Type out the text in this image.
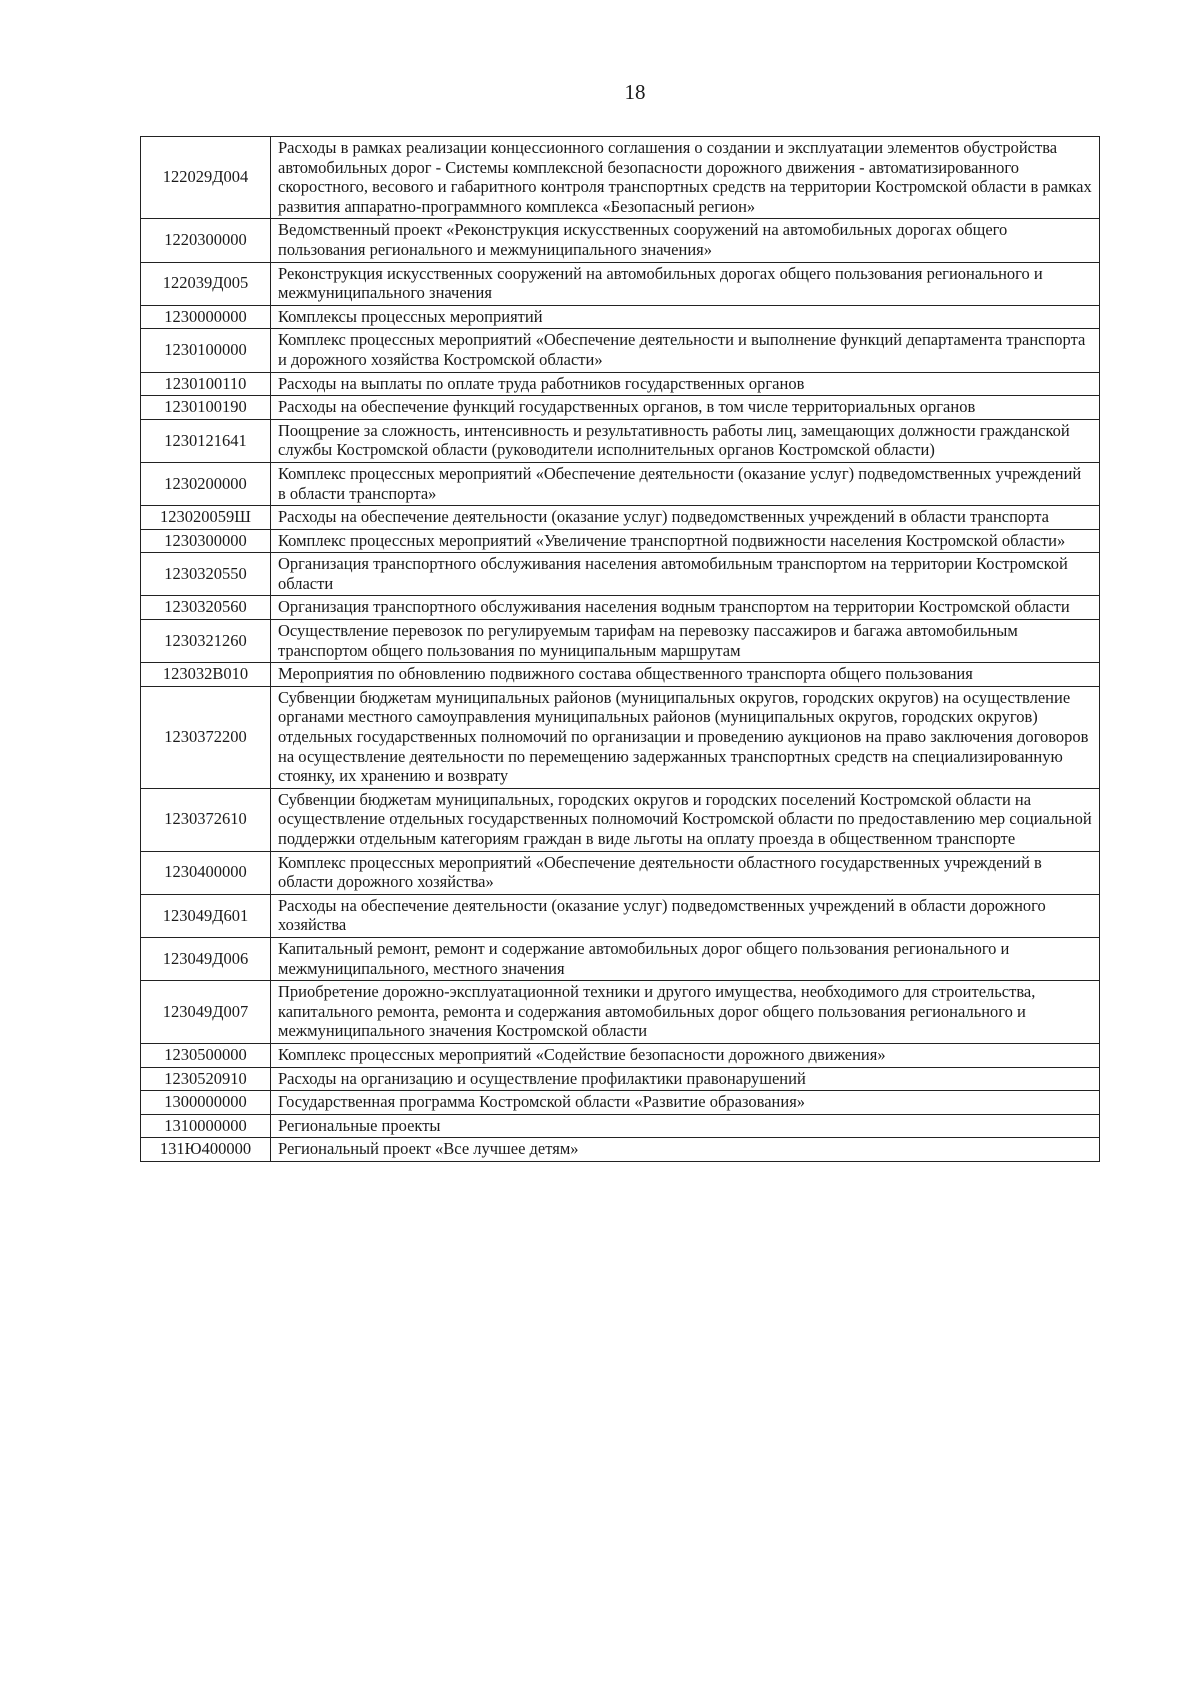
18
122029Д004	Расходы в рамках реализации концессионного соглашения о создании и эксплуатации элементов обустройства автомобильных дорог - Системы комплексной безопасности дорожного движения - автоматизированного скоростного, весового и габаритного контроля транспортных средств на территории Костромской области в рамках развития аппаратно-программного комплекса «Безопасный регион»
1220300000	Ведомственный проект «Реконструкция искусственных сооружений на автомобильных дорогах общего пользования регионального и межмуниципального значения»
122039Д005	Реконструкция искусственных сооружений на автомобильных дорогах общего пользования регионального и межмуниципального значения
1230000000	Комплексы процессных мероприятий
1230100000	Комплекс процессных мероприятий «Обеспечение деятельности и выполнение функций департамента транспорта и дорожного хозяйства Костромской области»
1230100110	Расходы на выплаты по оплате труда работников государственных органов
1230100190	Расходы на обеспечение функций государственных органов, в том числе территориальных органов
1230121641	Поощрение за сложность, интенсивность и результативность работы лиц, замещающих должности гражданской службы Костромской области (руководители исполнительных органов Костромской области)
1230200000	Комплекс процессных мероприятий «Обеспечение деятельности (оказание услуг) подведомственных учреждений в области транспорта»
123020059Ш	Расходы на обеспечение деятельности (оказание услуг) подведомственных учреждений в области транспорта
1230300000	Комплекс процессных мероприятий «Увеличение транспортной подвижности населения Костромской области»
1230320550	Организация транспортного обслуживания населения автомобильным транспортом на территории Костромской области
1230320560	Организация транспортного обслуживания населения водным транспортом на территории Костромской области
1230321260	Осуществление перевозок по регулируемым тарифам на перевозку пассажиров и багажа автомобильным транспортом общего пользования по муниципальным маршрутам
123032В010	Мероприятия по обновлению подвижного состава общественного транспорта общего пользования
1230372200	Субвенции бюджетам муниципальных районов (муниципальных округов, городских округов) на осуществление органами местного самоуправления муниципальных районов (муниципальных округов, городских округов) отдельных государственных полномочий по организации и проведению аукционов на право заключения договоров на осуществление деятельности по перемещению задержанных транспортных средств на специализированную стоянку, их хранению и возврату
1230372610	Субвенции бюджетам муниципальных, городских округов и городских поселений Костромской области на осуществление отдельных государственных полномочий Костромской области по предоставлению мер социальной поддержки отдельным категориям граждан в виде льготы на оплату проезда в общественном транспорте
1230400000	Комплекс процессных мероприятий «Обеспечение деятельности областного государственных учреждений в области дорожного хозяйства»
123049Д601	Расходы на обеспечение деятельности (оказание услуг) подведомственных учреждений в области дорожного хозяйства
123049Д006	Капитальный ремонт, ремонт и содержание автомобильных дорог общего пользования регионального и межмуниципального, местного значения
123049Д007	Приобретение дорожно-эксплуатационной техники и другого имущества, необходимого для строительства, капитального ремонта, ремонта и содержания автомобильных дорог общего пользования регионального и межмуниципального значения Костромской области
1230500000	Комплекс процессных мероприятий «Содействие безопасности дорожного движения»
1230520910	Расходы на организацию и осуществление профилактики правонарушений
1300000000	Государственная программа Костромской области «Развитие образования»
1310000000	Региональные проекты
131Ю400000	Региональный проект «Все лучшее детям»
